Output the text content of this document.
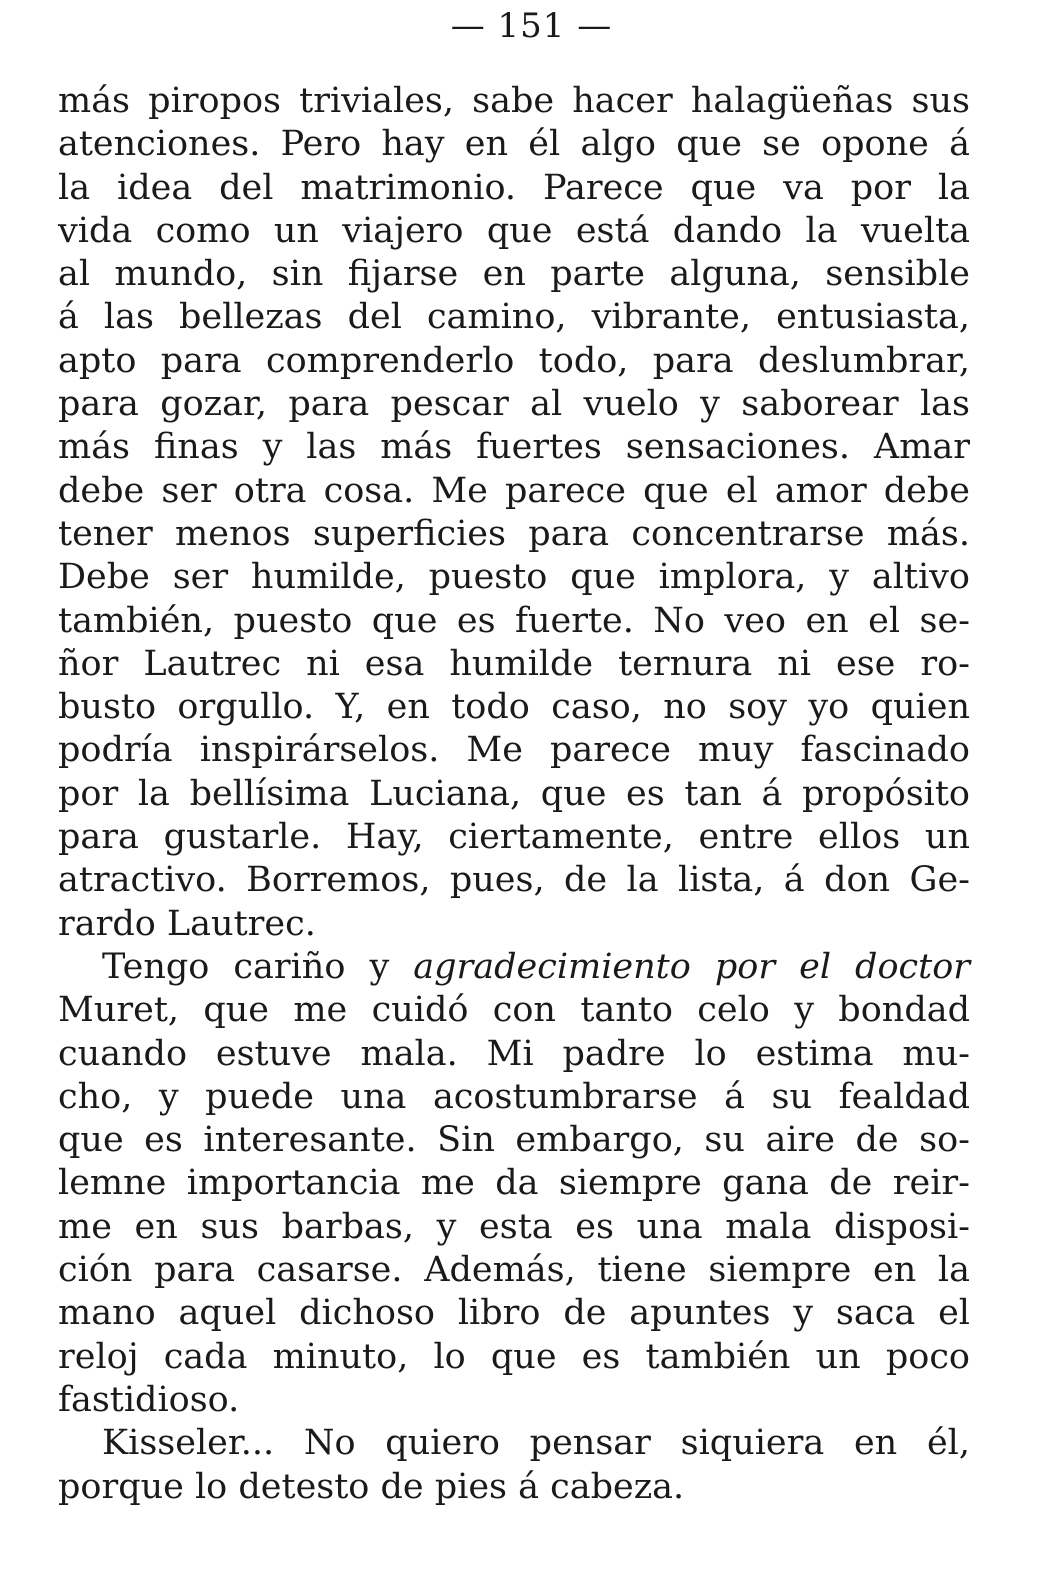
— 151 —

más piropos triviales, sabe hacer halagüeñas sus
atenciones. Pero hay en él algo que se opone á
la idea del matrimonio. Parece que va por la
vida como un viajero que está dando la vuelta
al mundo, sin fijarse en parte alguna, sensible
á las bellezas del camino, vibrante, entusiasta,
apto para comprenderlo todo, para deslumbrar,
para gozar, para pescar al vuelo y saborear las
más finas y las más fuertes sensaciones. Amar
debe ser otra cosa. Me parece que el amor debe
tener menos superficies para concentrarse más.
Debe ser humilde, puesto que implora, y altivo
también, puesto que es fuerte. No veo en el se-
ñor Lautrec ni esa humilde ternura ni ese ro-
busto orgullo. Y, en todo caso, no soy yo quien
podría inspirárselos. Me parece muy fascinado
por la bellísima Luciana, que es tan á propósito
para gustarle. Hay, ciertamente, entre ellos un
atractivo. Borremos, pues, de la lista, á don Ge-
rardo Lautrec.
Tengo cariño y agradecimiento por el doctor
Muret, que me cuidó con tanto celo y bondad
cuando estuve mala. Mi padre lo estima mu-
cho, y puede una acostumbrarse á su fealdad
que es interesante. Sin embargo, su aire de so-
lemne importancia me da siempre gana de reir-
me en sus barbas, y esta es una mala disposi-
ción para casarse. Además, tiene siempre en la
mano aquel dichoso libro de apuntes y saca el
reloj cada minuto, lo que es también un poco
fastidioso.
Kisseler... No quiero pensar siquiera en él,
porque lo detesto de pies á cabeza.
